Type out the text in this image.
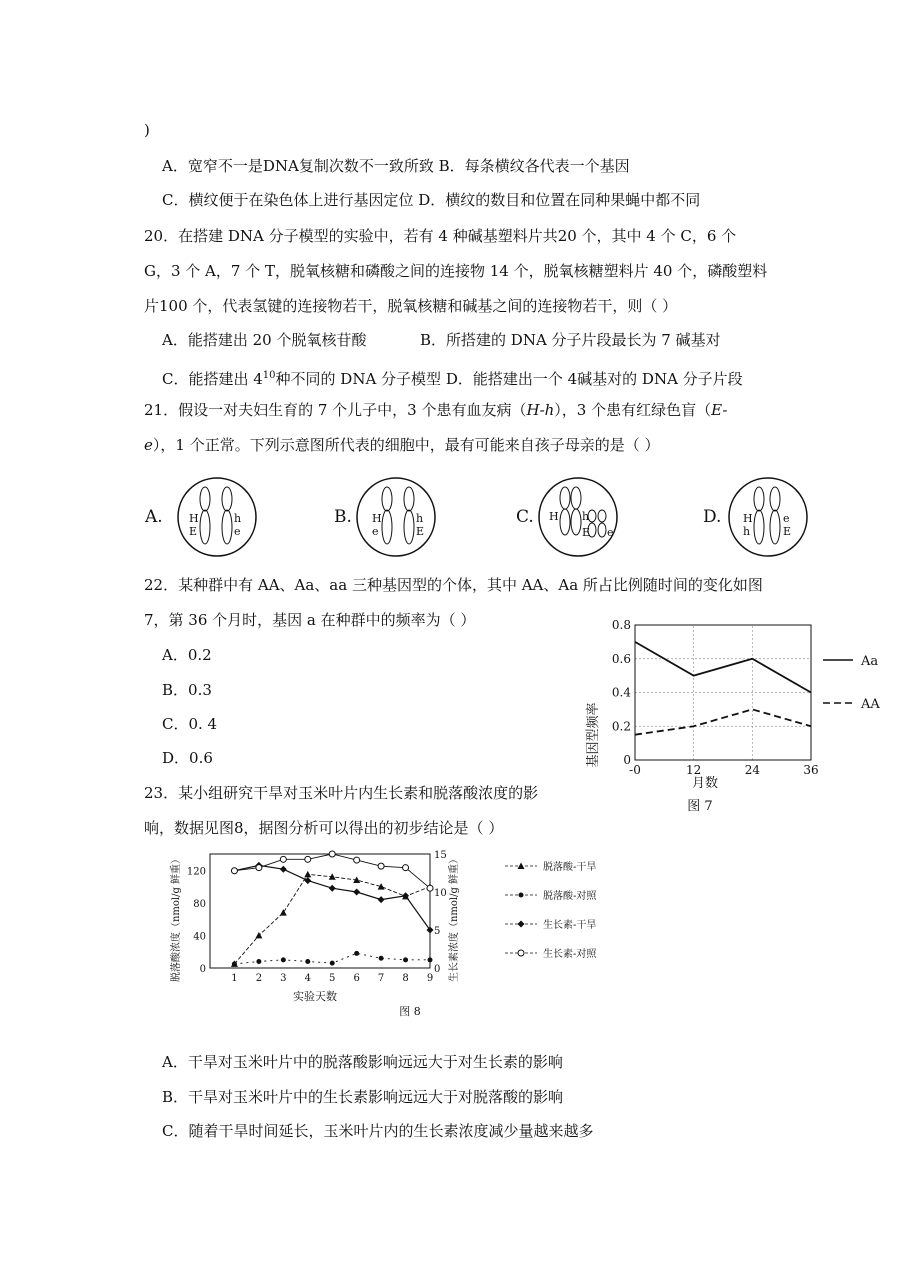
)
A．宽窄不一是DNA复制次数不一致所致 B．每条横纹各代表一个基因
C．横纹便于在染色体上进行基因定位 D．横纹的数目和位置在同种果蝇中都不同
20．在搭建 DNA 分子模型的实验中，若有 4 种碱基塑料片共20 个，其中 4 个 C，6 个
G，3 个 A，7 个 T，脱氧核糖和磷酸之间的连接物 14 个，脱氧核糖塑料片 40 个，磷酸塑料
片100 个，代表氢键的连接物若干，脱氧核糖和碱基之间的连接物若干，则（ ）
A．能搭建出 20 个脱氧核苷酸	B．所搭建的 DNA 分子片段最长为 7 碱基对
C．能搭建出 $4^{10}$种不同的 DNA 分子模型 D．能搭建出一个 4碱基对的 DNA 分子片段
21．假设一对夫妇生育的 7 个儿子中，3 个患有血友病（H-h），3 个患有红绿色盲（E-
e），1 个正常。下列示意图所代表的细胞中，最有可能来自孩子母亲的是（ ）
A. H
E
h
e
B. H
e
h
E
C. H h
E e
D. H
h
e
E
22．某种群中有 AA、Aa、aa 三种基因型的个体，其中 AA、Aa 所占比例随时间的变化如图
7，第 36 个月时，基因 a 在种群中的频率为（ ）
A．0.2
B．0.3
C．0. 4
D．0.6	0
0.2
0.4
0.6
0.8
-0	12	24	36
基因型频率
月数
图 7
Aa
AA
23．某小组研究干旱对玉米叶片内生长素和脱落酸浓度的影
响，数据见图8，据图分析可以得出的初步结论是（ ）
0
40
80
120
0
5
10
15
1 2 3 4 5 6 7 8 9
脱落酸浓度（nmol/g 鲜重）	生长素浓度（nmol/g 鲜重）
实验天数
图 8
脱落酸-干旱
脱落酸-对照
生长素-干旱
生长素-对照
A．干旱对玉米叶片中的脱落酸影响远远大于对生长素的影响
B．干旱对玉米叶片中的生长素影响远远大于对脱落酸的影响
C．随着干旱时间延长，玉米叶片内的生长素浓度减少量越来越多
